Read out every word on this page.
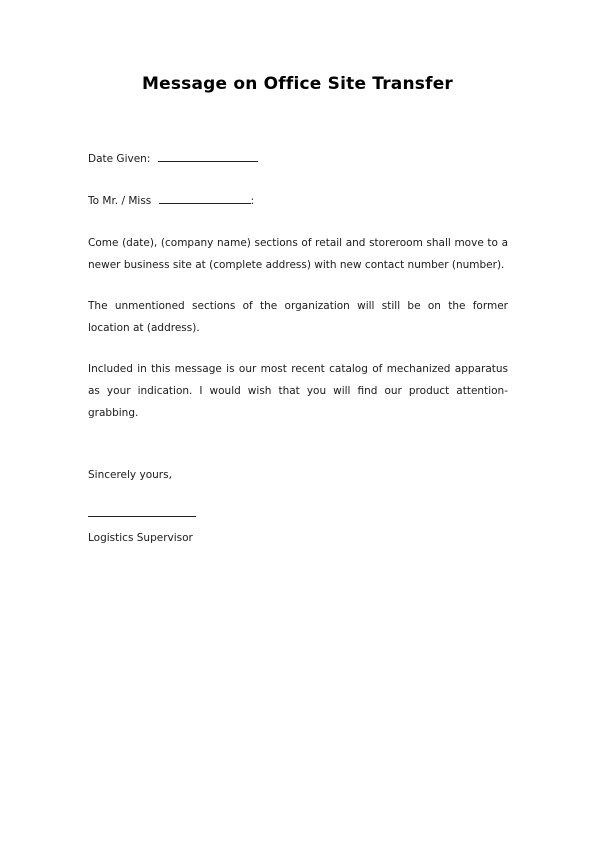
Message on Office Site Transfer
Date Given:
To Mr. / Miss	:
Come (date), (company name) sections of retail and storeroom shall move to a newer business site at (complete address) with new contact number (number).
The unmentioned sections of the organization will still be on the former location at (address).
Included in this message is our most recent catalog of mechanized apparatus as your indication. I would wish that you will find our product attention-grabbing.
Sincerely yours,
Logistics Supervisor
